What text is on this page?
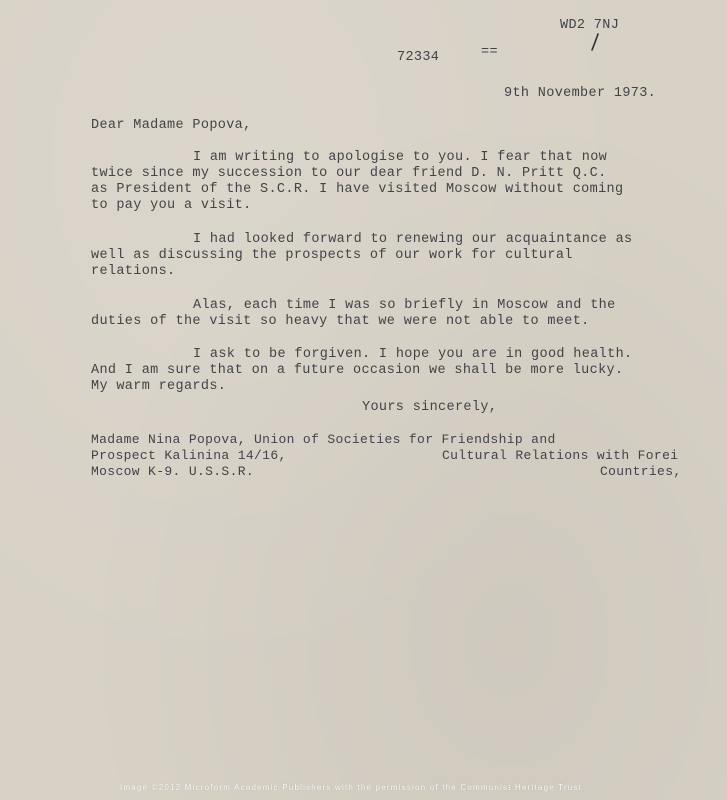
WD2 7NJ
72334	==
9th November 1973.
Dear Madame Popova,
I am writing to apologise to you. I fear that now
twice since my succession to our dear friend D. N. Pritt Q.C.
as President of the S.C.R. I have visited Moscow without coming
to pay you a visit.
I had looked forward to renewing our acquaintance as
well as discussing the prospects of our work for cultural
relations.
Alas, each time I was so briefly in Moscow and the
duties of the visit so heavy that we were not able to meet.
I ask to be forgiven. I hope you are in good health.
And I am sure that on a future occasion we shall be more lucky.
My warm regards.
Yours sincerely,
Madame Nina Popova, Union of Societies for Friendship and
Prospect Kalinina 14/16,
Moscow K-9. U.S.S.R.
Cultural Relations with Forei
Countries,
Image ©2012 Microform Academic Publishers with the permission of the Communist Heritage Trust
